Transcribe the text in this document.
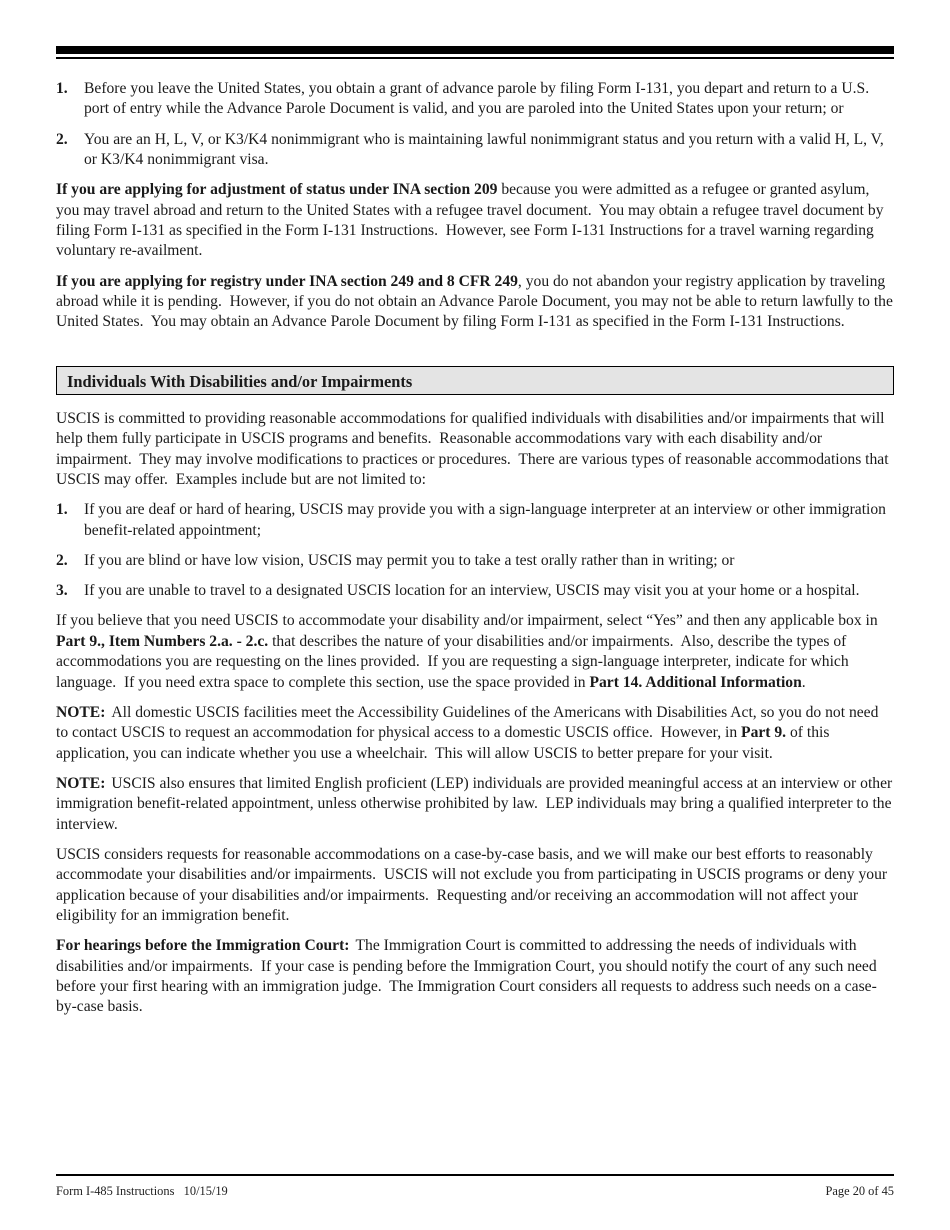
1.	Before you leave the United States, you obtain a grant of advance parole by filing Form I-131, you depart and return to a U.S. port of entry while the Advance Parole Document is valid, and you are paroled into the United States upon your return; or
2.	You are an H, L, V, or K3/K4 nonimmigrant who is maintaining lawful nonimmigrant status and you return with a valid H, L, V, or K3/K4 nonimmigrant visa.

If you are applying for adjustment of status under INA section 209 because you were admitted as a refugee or granted asylum, you may travel abroad and return to the United States with a refugee travel document.  You may obtain a refugee travel document by filing Form I-131 as specified in the Form I-131 Instructions.  However, see Form I-131 Instructions for a travel warning regarding voluntary re-availment.

If you are applying for registry under INA section 249 and 8 CFR 249, you do not abandon your registry application by traveling abroad while it is pending.  However, if you do not obtain an Advance Parole Document, you may not be able to return lawfully to the United States.  You may obtain an Advance Parole Document by filing Form I-131 as specified in the Form I-131 Instructions.

Individuals With Disabilities and/or Impairments

USCIS is committed to providing reasonable accommodations for qualified individuals with disabilities and/or impairments that will help them fully participate in USCIS programs and benefits.  Reasonable accommodations vary with each disability and/or impairment.  They may involve modifications to practices or procedures.  There are various types of reasonable accommodations that USCIS may offer.  Examples include but are not limited to:

1.	If you are deaf or hard of hearing, USCIS may provide you with a sign-language interpreter at an interview or other immigration benefit-related appointment;
2.	If you are blind or have low vision, USCIS may permit you to take a test orally rather than in writing; or
3.	If you are unable to travel to a designated USCIS location for an interview, USCIS may visit you at your home or a hospital.

If you believe that you need USCIS to accommodate your disability and/or impairment, select “Yes” and then any applicable box in Part 9., Item Numbers 2.a. - 2.c. that describes the nature of your disabilities and/or impairments.  Also, describe the types of accommodations you are requesting on the lines provided.  If you are requesting a sign-language interpreter, indicate for which language.  If you need extra space to complete this section, use the space provided in Part 14. Additional Information.

NOTE: All domestic USCIS facilities meet the Accessibility Guidelines of the Americans with Disabilities Act, so you do not need to contact USCIS to request an accommodation for physical access to a domestic USCIS office.  However, in Part 9. of this application, you can indicate whether you use a wheelchair.  This will allow USCIS to better prepare for your visit.

NOTE: USCIS also ensures that limited English proficient (LEP) individuals are provided meaningful access at an interview or other immigration benefit-related appointment, unless otherwise prohibited by law.  LEP individuals may bring a qualified interpreter to the interview.

USCIS considers requests for reasonable accommodations on a case-by-case basis, and we will make our best efforts to reasonably accommodate your disabilities and/or impairments.  USCIS will not exclude you from participating in USCIS programs or deny your application because of your disabilities and/or impairments.  Requesting and/or receiving an accommodation will not affect your eligibility for an immigration benefit.

For hearings before the Immigration Court: The Immigration Court is committed to addressing the needs of individuals with disabilities and/or impairments.  If your case is pending before the Immigration Court, you should notify the court of any such need before your first hearing with an immigration judge.  The Immigration Court considers all requests to address such needs on a case-by-case basis.

Form I-485 Instructions   10/15/19	Page 20 of 45
